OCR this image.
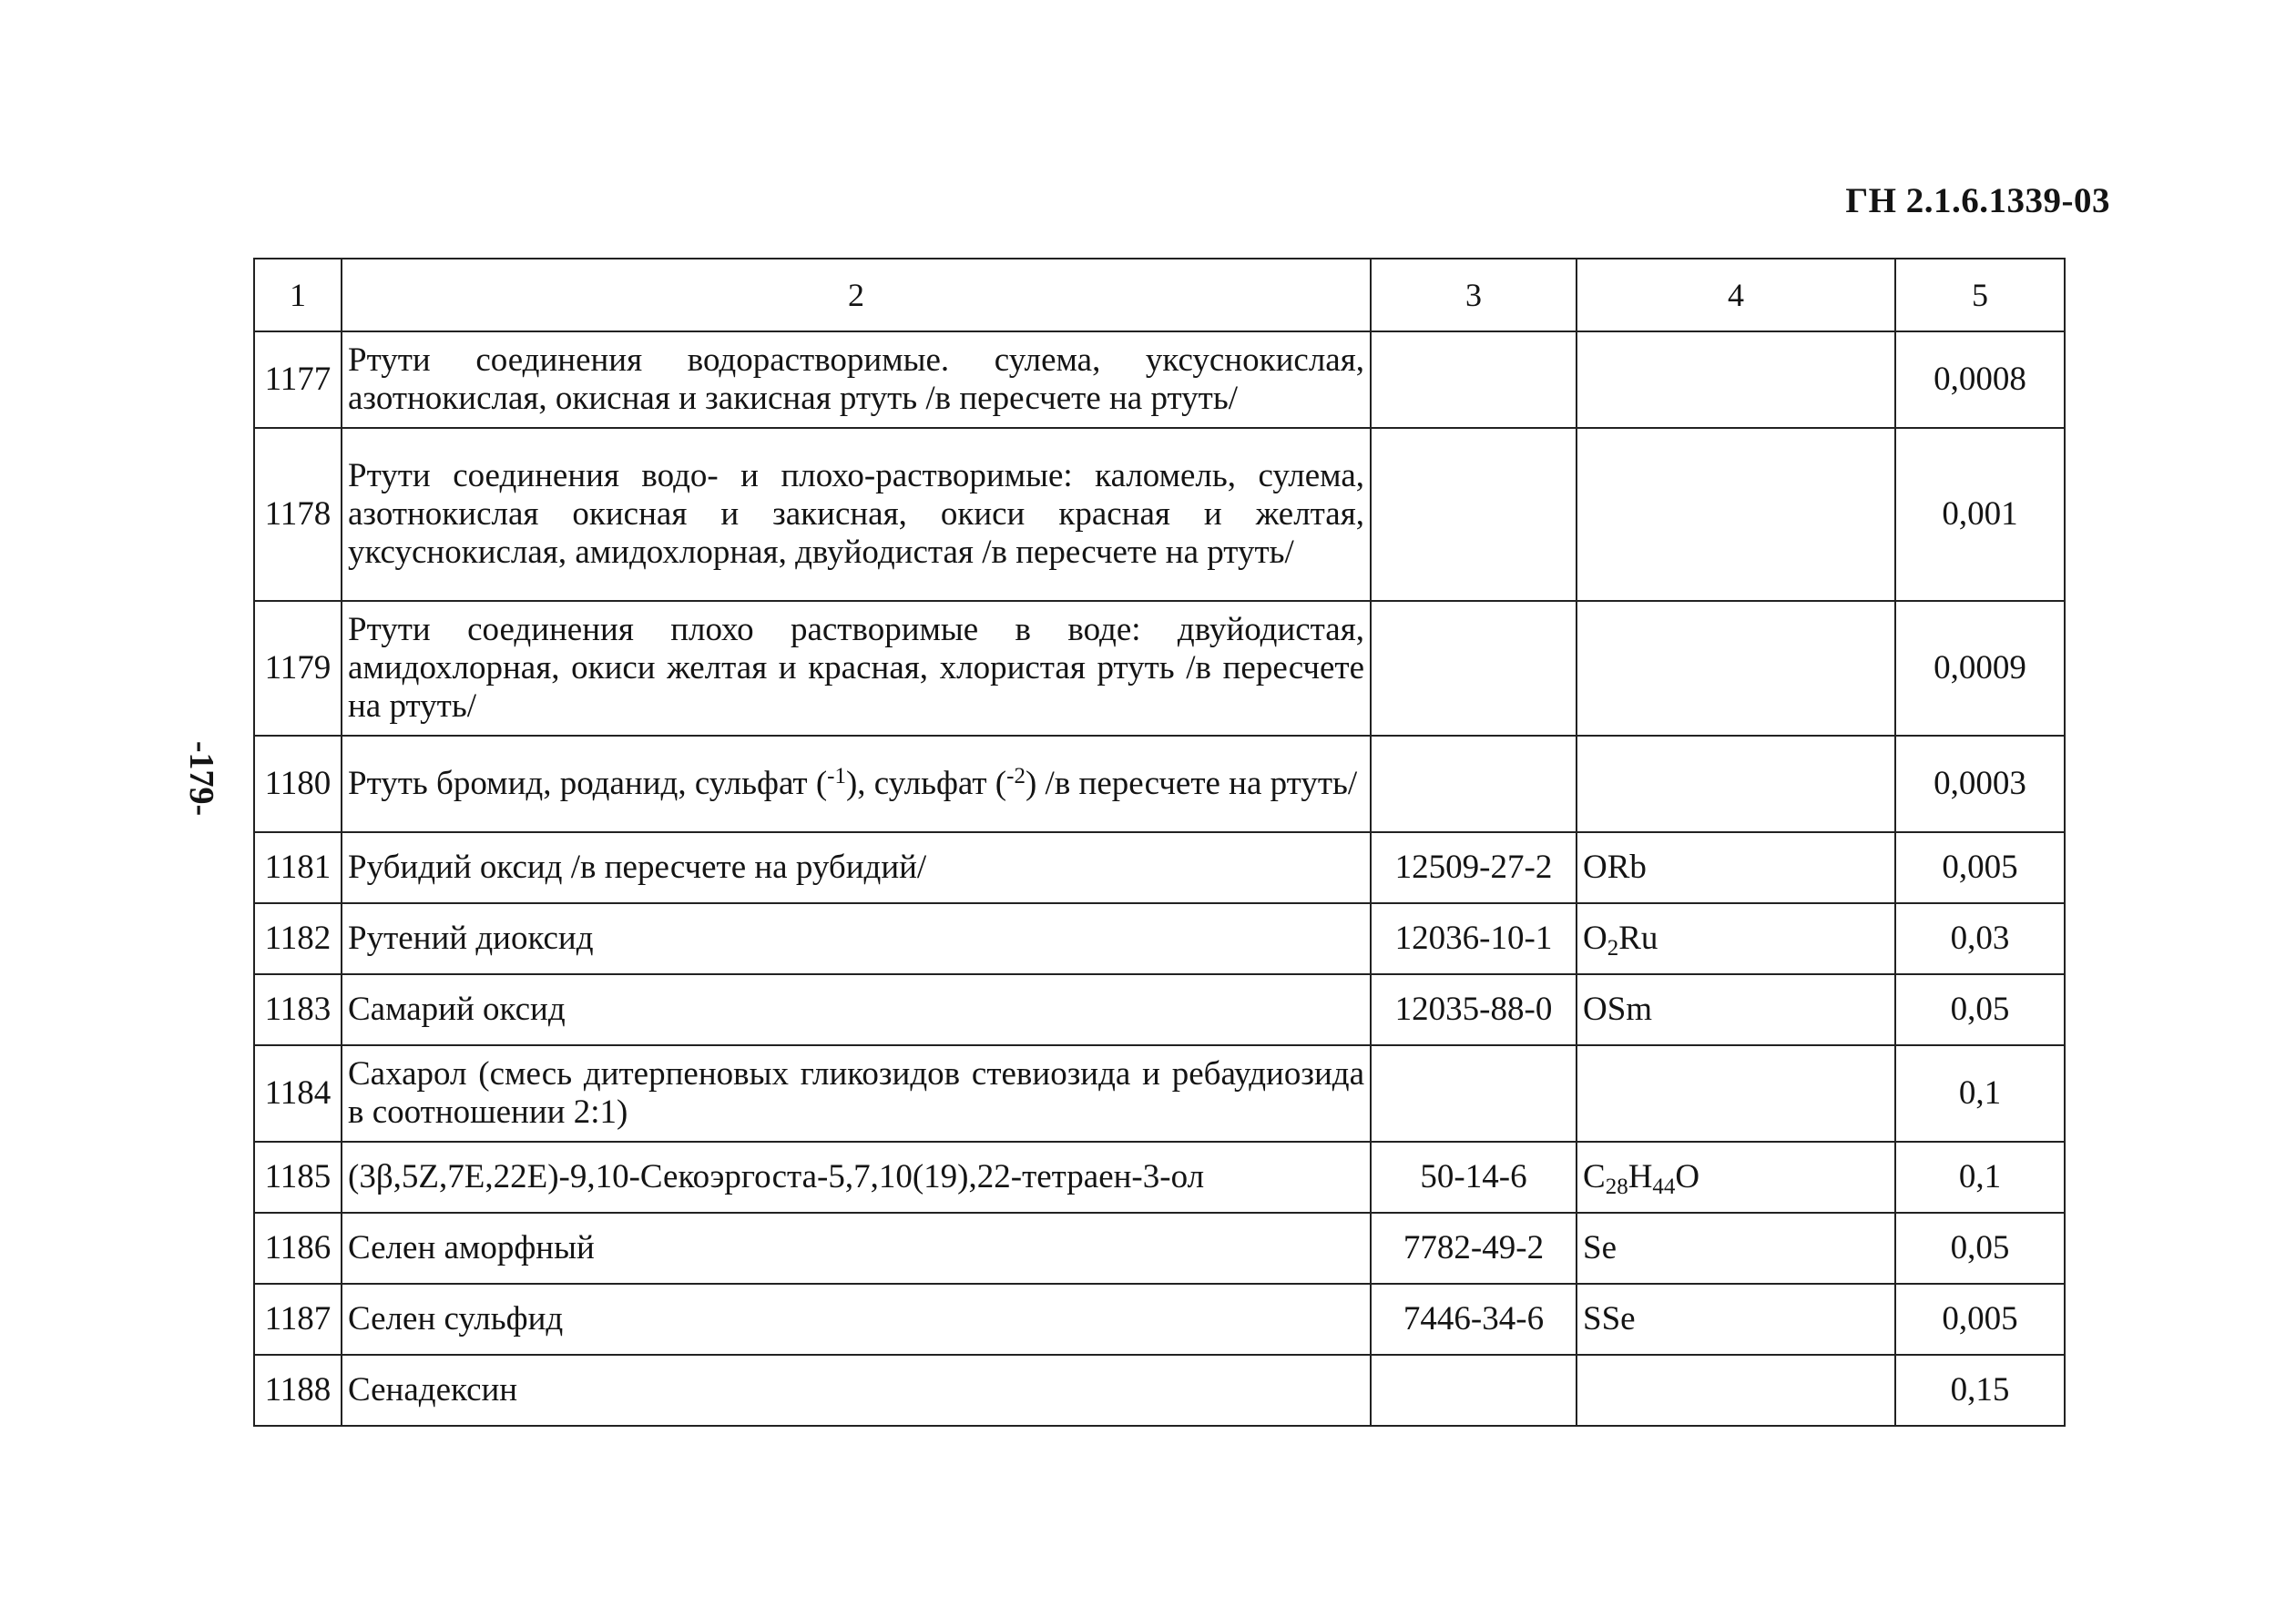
ГН 2.1.6.1339-03
-179-
1	2	3	4	5
1177	Ртути соединения водорастворимые. сулема, уксуснокислая, азотнокислая, окисная и закисная ртуть /в пересчете на ртуть/			0,0008
1178	Ртути соединения водо- и плохо-растворимые: каломель, сулема, азотнокислая окисная и закисная, окиси красная и желтая, уксуснокислая, амидохлорная, двуйодистая /в пересчете на ртуть/			0,001
1179	Ртути соединения плохо растворимые в воде: двуйодистая, амидохлорная, окиси желтая и красная, хлористая ртуть /в пересчете на ртуть/			0,0009
1180	Ртуть бромид, роданид, сульфат ($^{-1}$), сульфат ($^{-2}$) /в пересчете на ртуть/			0,0003
1181	Рубидий оксид /в пересчете на рубидий/	12509-27-2	ORb	0,005
1182	Рутений диоксид	12036-10-1	$O_2Ru$	0,03
1183	Самарий оксид	12035-88-0	OSm	0,05
1184	Сахарол (смесь дитерпеновых гликозидов стевиозида и ребаудиозида в соотношении 2:1)			0,1
1185	(3β,5Z,7E,22E)-9,10-Секоэргоста-5,7,10(19),22-тетраен-3-ол	50-14-6	$C_{28}H_{44}O$	0,1
1186	Селен аморфный	7782-49-2	Se	0,05
1187	Селен сульфид	7446-34-6	SSe	0,005
1188	Сенадексин			0,15
